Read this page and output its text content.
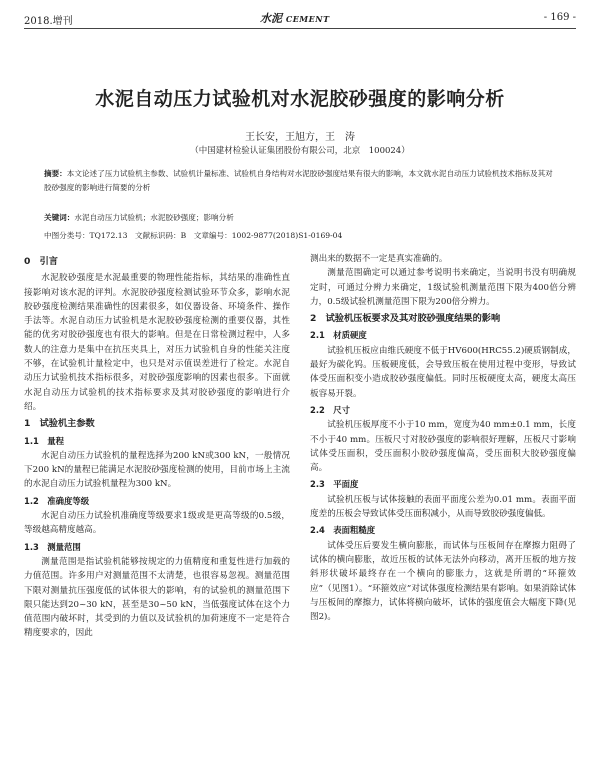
2018.增刊	水泥 CEMENT	- 169 -
水泥自动压力试验机对水泥胶砂强度的影响分析
王长安，王旭方，王　涛
（中国建材检验认证集团股份有限公司，北京　100024）
摘要：本文论述了压力试验机主参数、试验机计量标准、试验机自身结构对水泥胶砂强度结果有很大的影响，本文就水泥自动压力试验机技术指标及其对胶砂强度的影响进行简要的分析
关键词：水泥自动压力试验机；水泥胶砂强度；影响分析
中图分类号：TQ172.13　文献标识码：B　文章编号：1002-9877(2018)S1-0169-04
0　引言

水泥胶砂强度是水泥最重要的物理性能指标，其结果的准确性直接影响对该水泥的评判。水泥胶砂强度检测试验环节众多，影响水泥胶砂强度检测结果准确性的因素很多，如仪器设备、环境条件、操作手法等。水泥自动压力试验机是水泥胶砂强度检测的重要仪器，其性能的优劣对胶砂强度也有很大的影响。但是在日常检测过程中，人多数人的注意力是集中在抗压夹具上，对压力试验机自身的性能关注度不够，在试验机计量检定中，也只是对示值误差进行了检定。水泥自动压力试验机技术指标很多，对胶砂强度影响的因素也很多。下面就水泥自动压力试验机的技术指标要求及其对胶砂强度的影响进行介绍。

1　试验机主参数
1.1　量程

水泥自动压力试验机的量程选择为200 kN或300 kN，一般情况下200 kN的量程已能满足水泥胶砂强度检测的使用，目前市场上主流的水泥自动压力试验机量程为300 kN。

1.2　准确度等级

水泥自动压力试验机准确度等级要求1级或是更高等级的0.5级，等级越高精度越高。

1.3　测量范围

测量范围是指试验机能够按规定的力值精度和重复性进行加载的力值范围。许多用户对测量范围不太清楚，也很容易忽视。测量范围下限对测量抗压强度低的试体很大的影响，有的试验机的测量范围下限只能达到20~30 kN，甚至是30~50 kN，当低强度试体在这个力值范围内破坏时，其受到的力值以及试验机的加荷速度不一定是符合精度要求的，因此

测出来的数据不一定是真实准确的。

测量范围确定可以通过参考说明书来确定，当说明书没有明确规定时，可通过分辨力来确定，1级试验机测量范围下限为400倍分辨力，0.5级试验机测量范围下限为200倍分辨力。

2　试验机压板要求及其对胶砂强度结果的影响
2.1　材质硬度

试验机压板应由维氏硬度不低于HV600(HRC55.2)硬质钢制成，最好为碳化钨。压板硬度低，会导致压板在使用过程中变形，导致试体受压面积变小造成胶砂强度偏低。同时压板硬度太高，硬度太高压板容易开裂。

2.2　尺寸

试验机压板厚度不小于10 mm，宽度为40 mm±0.1 mm，长度不小于40 mm。压板尺寸对胶砂强度的影响很好理解，压板尺寸影响试体受压面积，受压面积小胶砂强度偏高，受压面积大胶砂强度偏高。

2.3　平面度

试验机压板与试体接触的表面平面度公差为0.01 mm。表面平面度差的压板会导致试体受压面积减小，从而导致胶砂强度偏低。

2.4　表面粗糙度

试体受压后要发生横向膨胀，而试体与压板间存在摩擦力阻碍了试体的横向膨胀，故近压板的试体无法外向移动，离开压板的地方按斜形状破坏最终存在一个横向的膨胀力，这就是所谓的“环箍效应”（见图1）。“环箍效应”对试体强度检测结果有影响。如果消除试体与压板间的摩擦力，试体将横向破坏，试体的强度值会大幅度下降(见图2)。
